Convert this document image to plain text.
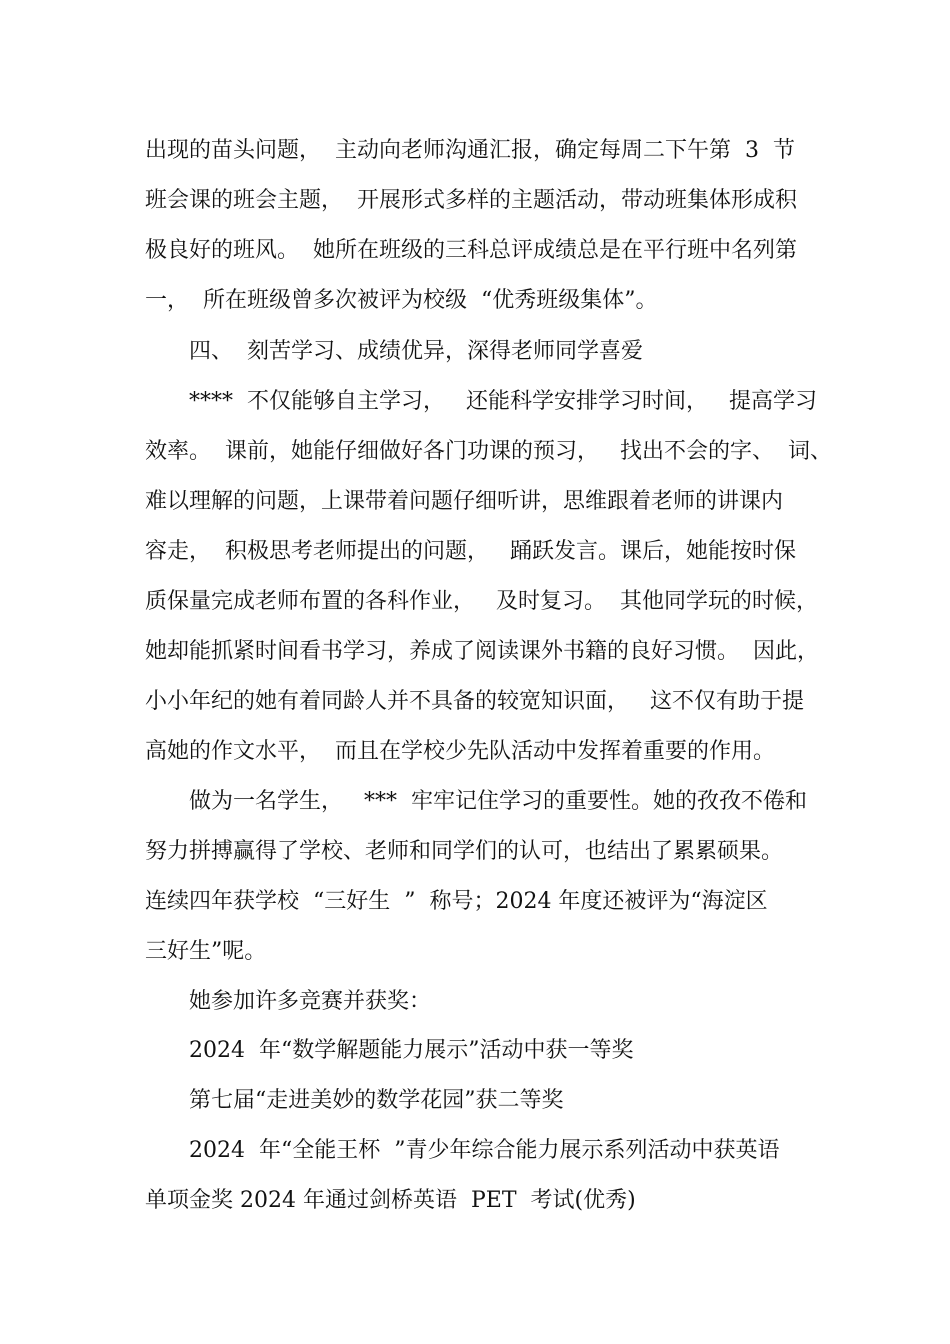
出现的苗头问题，  主动向老师沟通汇报，确定每周二下午第  3  节
班会课的班会主题，  开展形式多样的主题活动，带动班集体形成积
极良好的班风。  她所在班级的三科总评成绩总是在平行班中名列第
一，  所在班级曾多次被评为校级  “优秀班级集体”。
四、  刻苦学习、成绩优异，深得老师同学喜爱
****  不仅能够自主学习，   还能科学安排学习时间，   提高学习
效率。  课前，她能仔细做好各门功课的预习，   找出不会的字、  词、
难以理解的问题，上课带着问题仔细听讲，思维跟着老师的讲课内
容走，  积极思考老师提出的问题，   踊跃发言。课后，她能按时保
质保量完成老师布置的各科作业，   及时复习。  其他同学玩的时候，
她却能抓紧时间看书学习，养成了阅读课外书籍的良好习惯。  因此，
小小年纪的她有着同龄人并不具备的较宽知识面，   这不仅有助于提
高她的作文水平，  而且在学校少先队活动中发挥着重要的作用。
做为一名学生，   ***  牢牢记住学习的重要性。她的孜孜不倦和
努力拼搏赢得了学校、老师和同学们的认可，也结出了累累硕果。
连续四年获学校  “三好生  ”  称号；2024 年度还被评为“海淀区
三好生”呢。
她参加许多竞赛并获奖：
2024  年“数学解题能力展示”活动中获一等奖
第七届“走进美妙的数学花园”获二等奖
2024  年“全能王杯  ”青少年综合能力展示系列活动中获英语
单项金奖 2024 年通过剑桥英语  PET  考试(优秀)
